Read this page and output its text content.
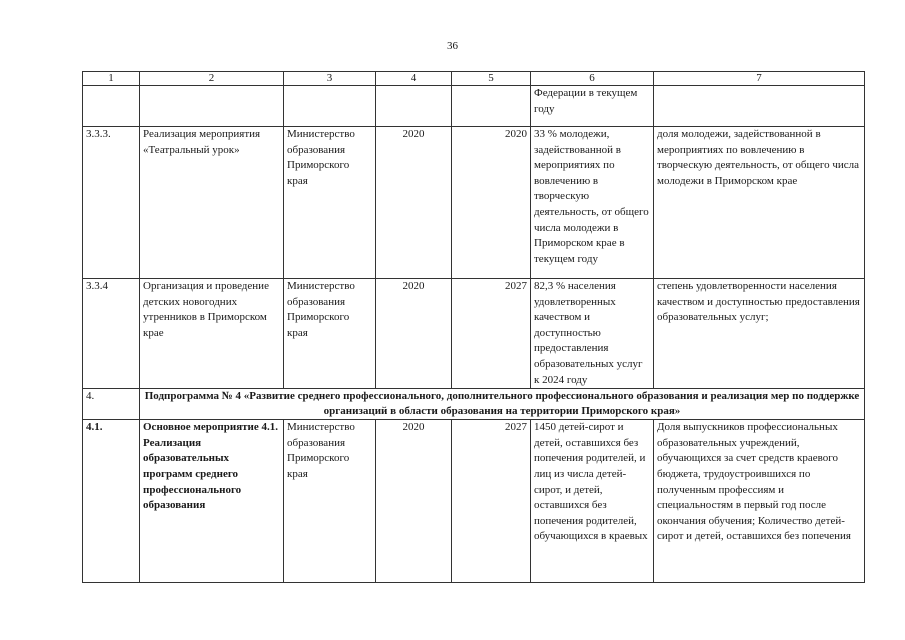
36
1	2	3	4	5	6	7
					Федерации в текущем году	
3.3.3.	Реализация мероприятия «Театральный урок»	Министерство образования Приморского края	2020	2020	33 % молодежи, задействованной в мероприятиях по вовлечению в творческую деятельность, от общего числа молодежи в Приморском крае в текущем году	доля молодежи, задействованной в мероприятиях по вовлечению в творческую деятельность, от общего числа молодежи в Приморском крае
3.3.4	Организация и проведение детских новогодних утренников в Приморском крае	Министерство образования Приморского края	2020	2027	82,3 % населения удовлетворенных качеством и доступностью предоставления образовательных услуг к 2024 году	степень удовлетворенности населения качеством и доступностью предоставления образовательных услуг;
4.	Подпрограмма № 4 «Развитие среднего профессионального, дополнительного профессионального образования и реализация мер по поддержке организаций в области образования на территории Приморского края»					
4.1.	Основное мероприятие 4.1. Реализация образовательных программ среднего профессионального образования	Министерство образования Приморского края	2020	2027	1450 детей-сирот и детей, оставшихся без попечения родителей, и лиц из числа детей-сирот, и детей, оставшихся без попечения родителей, обучающихся в краевых	Доля выпускников профессиональных образовательных учреждений, обучающихся за счет средств краевого бюджета, трудоустроившихся по полученным профессиям и специальностям в первый год после окончания обучения; Количество детей-сирот и детей, оставшихся без попечения
